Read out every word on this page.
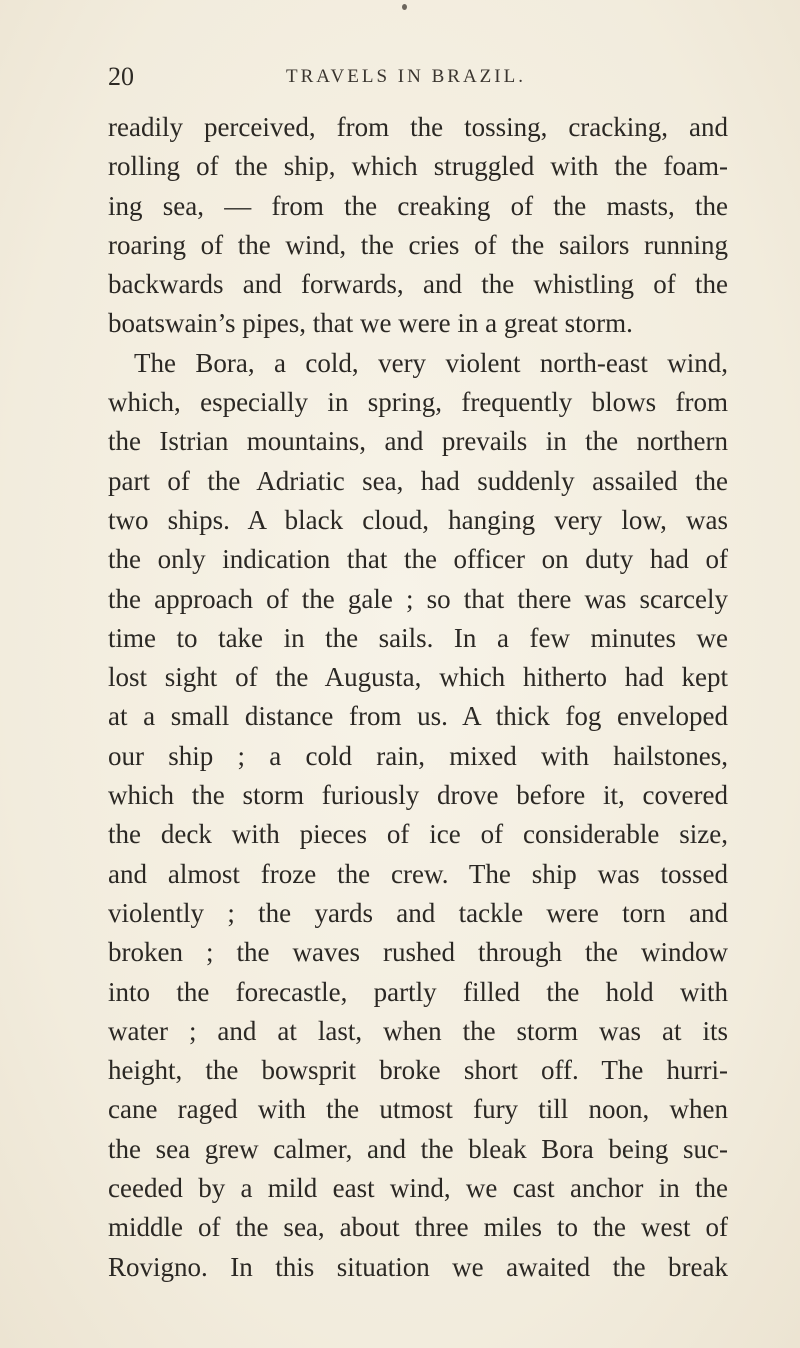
20	TRAVELS IN BRAZIL.
readily perceived, from the tossing, cracking, and
rolling of the ship, which struggled with the foam-
ing sea, — from the creaking of the masts, the
roaring of the wind, the cries of the sailors running
backwards and forwards, and the whistling of the
boatswain’s pipes, that we were in a great storm.
The Bora, a cold, very violent north-east wind,
which, especially in spring, frequently blows from
the Istrian mountains, and prevails in the northern
part of the Adriatic sea, had suddenly assailed the
two ships. A black cloud, hanging very low, was
the only indication that the officer on duty had of
the approach of the gale ; so that there was scarcely
time to take in the sails. In a few minutes we
lost sight of the Augusta, which hitherto had kept
at a small distance from us. A thick fog enveloped
our ship ; a cold rain, mixed with hailstones,
which the storm furiously drove before it, covered
the deck with pieces of ice of considerable size,
and almost froze the crew. The ship was tossed
violently ; the yards and tackle were torn and
broken ; the waves rushed through the window
into the forecastle, partly filled the hold with
water ; and at last, when the storm was at its
height, the bowsprit broke short off. The hurri-
cane raged with the utmost fury till noon, when
the sea grew calmer, and the bleak Bora being suc-
ceeded by a mild east wind, we cast anchor in the
middle of the sea, about three miles to the west of
Rovigno. In this situation we awaited the break
